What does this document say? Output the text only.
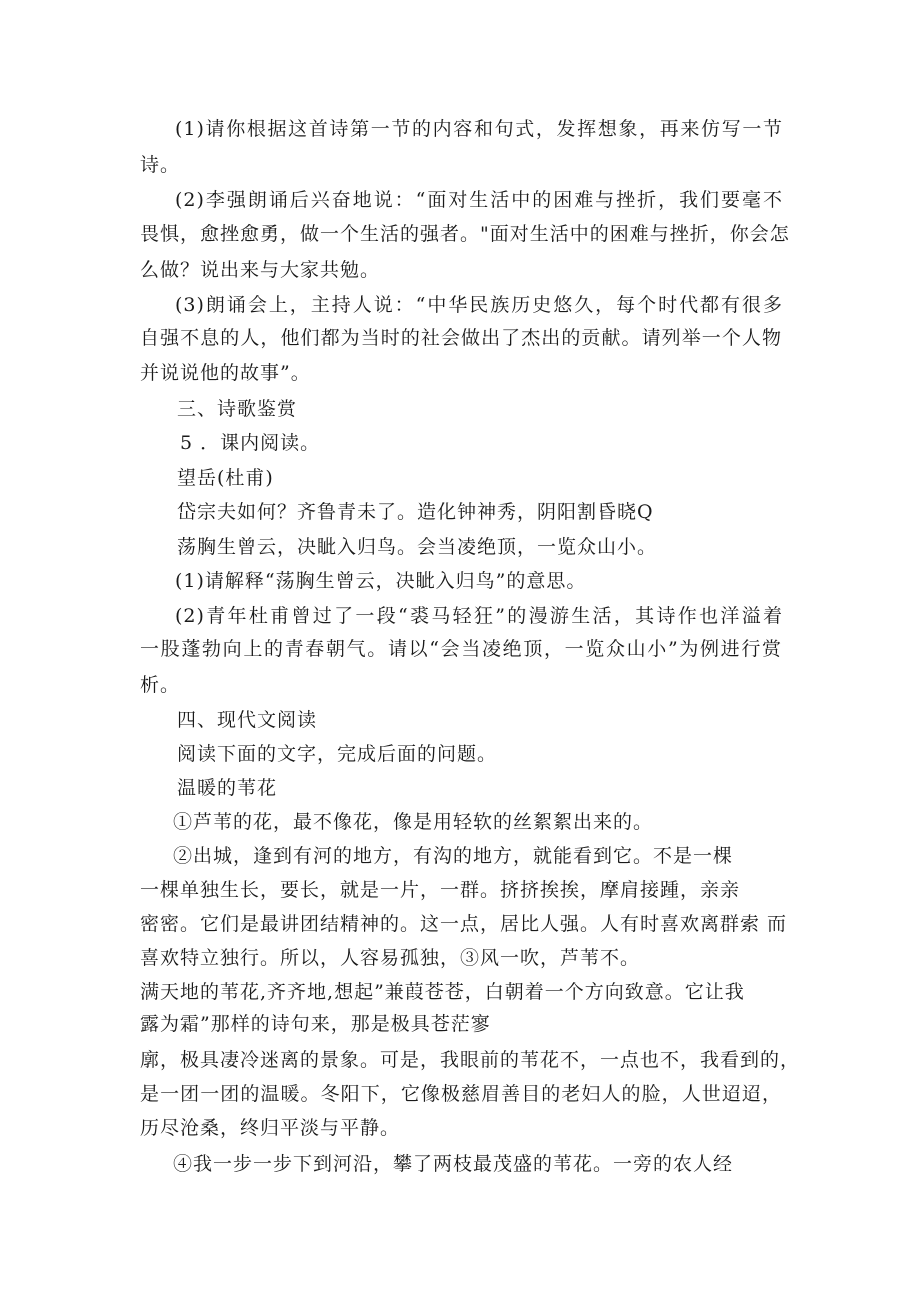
(1)请你根据这首诗第一节的内容和句式，发挥想象，再来仿写一节
诗。
(2)李强朗诵后兴奋地说：“面对生活中的困难与挫折，我们要毫不
畏惧，愈挫愈勇，做一个生活的强者。"面对生活中的困难与挫折，你会怎
么做？说出来与大家共勉。
(3)朗诵会上，主持人说：“中华民族历史悠久，每个时代都有很多
自强不息的人，他们都为当时的社会做出了杰出的贡献。请列举一个人物
并说说他的故事”。
三、诗歌鉴赏
5 ．课内阅读。
望岳(杜甫)
岱宗夫如何？齐鲁青未了。造化钟神秀，阴阳割昏晓Q
荡胸生曾云，决眦入归鸟。会当凌绝顶，一览众山小。
(1)请解释“荡胸生曾云，决眦入归鸟”的意思。
(2)青年杜甫曾过了一段“裘马轻狂”的漫游生活，其诗作也洋溢着
一股蓬勃向上的青春朝气。请以“会当凌绝顶，一览众山小”为例进行赏
析。
四、现代文阅读
阅读下面的文字，完成后面的问题。
温暖的苇花
①芦苇的花，最不像花，像是用轻软的丝絮絮出来的。
②出城，逢到有河的地方，有沟的地方，就能看到它。不是一棵
一棵单独生长，要长，就是一片，一群。挤挤挨挨，摩肩接踵，亲亲
密密。它们是最讲团结精神的。这一点，居比人强。人有时喜欢离群索 而
喜欢特立独行。所以，人容易孤独，③风一吹，芦苇不。
满天地的苇花,齐齐地,想起”兼葭苍苍，白朝着一个方向致意。它让我
露为霜”那样的诗句来，那是极具苍茫寥
廓，极具凄冷迷离的景象。可是，我眼前的苇花不，一点也不，我看到的，
是一团一团的温暖。冬阳下，它像极慈眉善目的老妇人的脸，人世迢迢，
历尽沧桑，终归平淡与平静。
④我一步一步下到河沿，攀了两枝最茂盛的苇花。一旁的农人经
